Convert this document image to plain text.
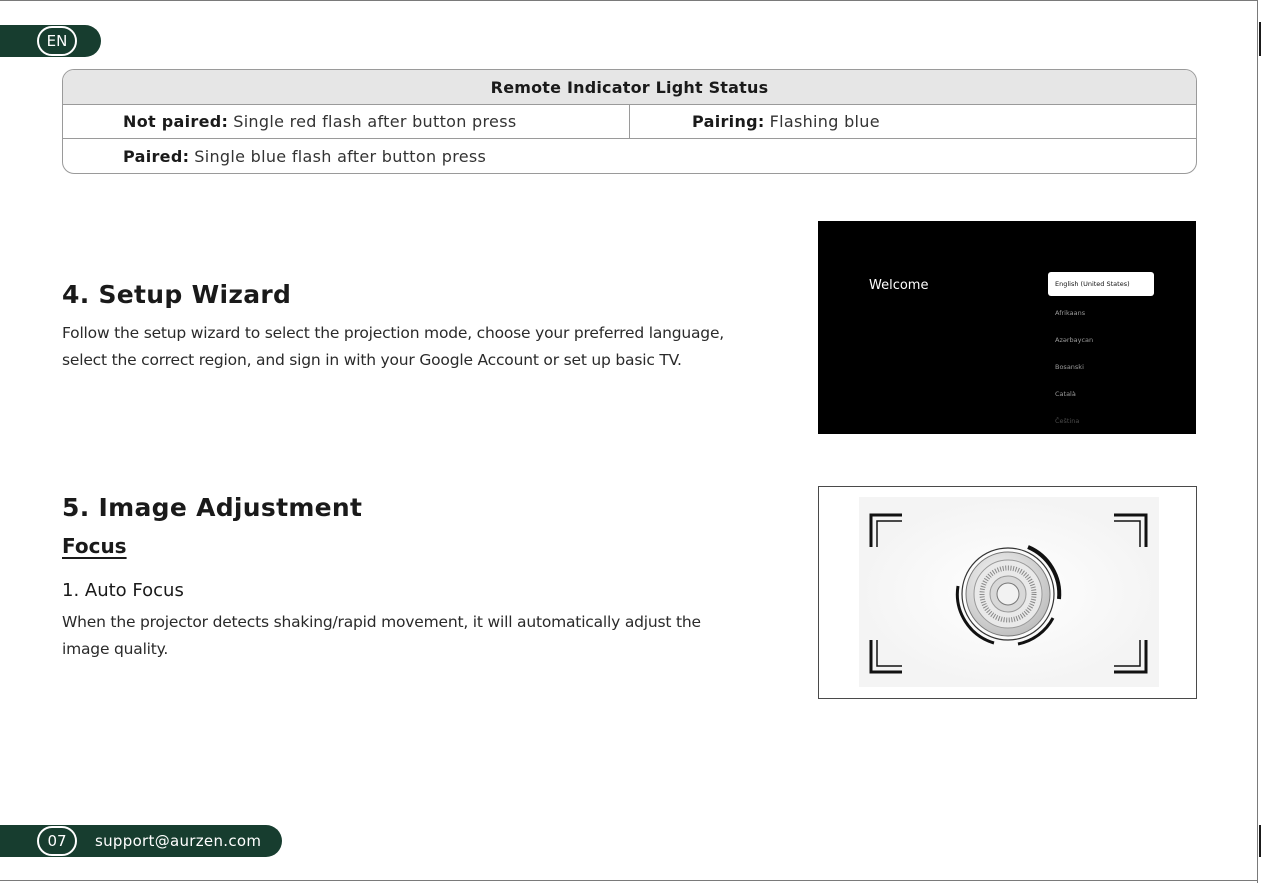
EN
Remote Indicator Light Status
Not paired: Single red flash after button press	Pairing: Flashing blue
Paired: Single blue flash after button press
4. Setup Wizard
Follow the setup wizard to select the projection mode, choose your preferred language,
select the correct region, and sign in with your Google Account or set up basic TV.
Welcome	English (United States)
Afrikaans
Azərbaycan
Bosanski
Català
Čeština
5. Image Adjustment
Focus
1. Auto Focus
When the projector detects shaking/rapid movement, it will automatically adjust the
image quality.
07	support@aurzen.com
